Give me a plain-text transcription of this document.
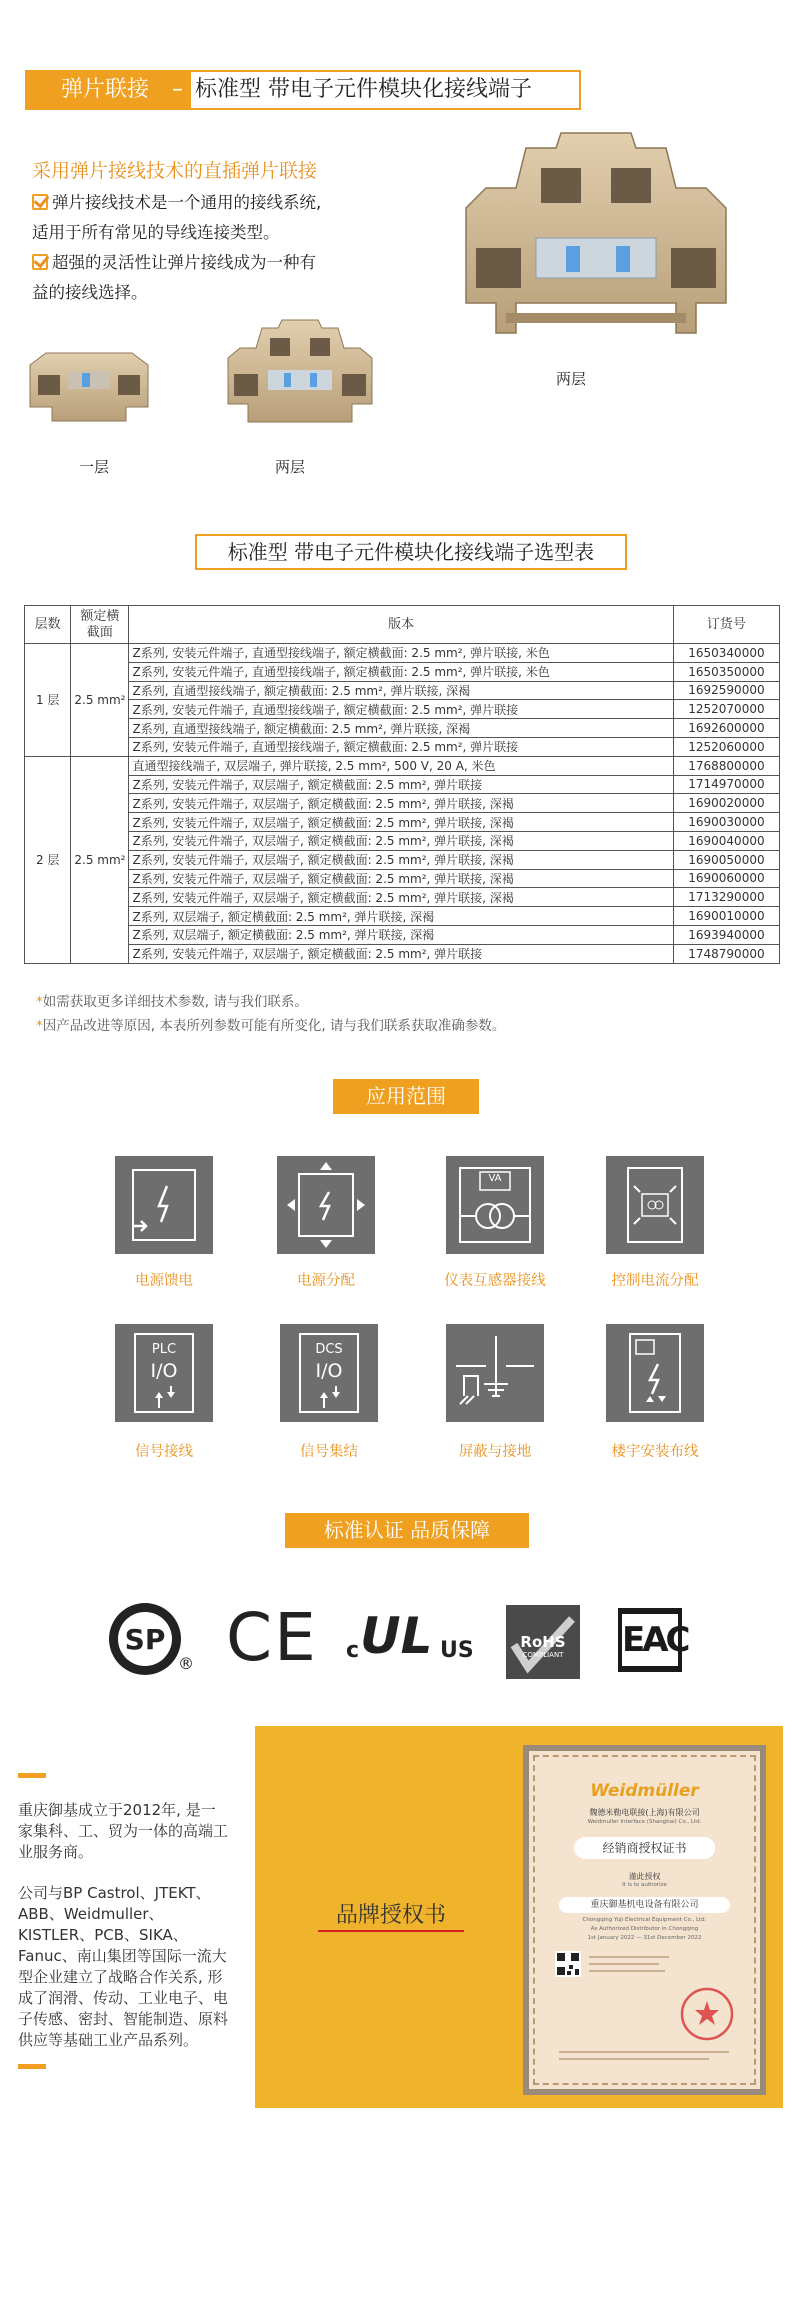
弹片联接	– 标准型 带电子元件模块化接线端子
采用弹片接线技术的直插弹片联接
弹片接线技术是一个通用的接线系统,
适用于所有常见的导线连接类型。
超强的灵活性让弹片接线成为一种有
益的接线选择。
两层
一层	两层
标准型 带电子元件模块化接线端子选型表
层数	额定横截面	版本	订货号
1 层	2.5 mm²	Z系列, 安装元件端子, 直通型接线端子, 额定横截面: 2.5 mm², 弹片联接, 米色	1650340000
		Z系列, 安装元件端子, 直通型接线端子, 额定横截面: 2.5 mm², 弹片联接, 米色	1650350000
		Z系列, 直通型接线端子, 额定横截面: 2.5 mm², 弹片联接, 深褐	1692590000
		Z系列, 安装元件端子, 直通型接线端子, 额定横截面: 2.5 mm², 弹片联接	1252070000
		Z系列, 直通型接线端子, 额定横截面: 2.5 mm², 弹片联接, 深褐	1692600000
		Z系列, 安装元件端子, 直通型接线端子, 额定横截面: 2.5 mm², 弹片联接	1252060000
2 层	2.5 mm²	直通型接线端子, 双层端子, 弹片联接, 2.5 mm², 500 V, 20 A, 米色	1768800000
		Z系列, 安装元件端子, 双层端子, 额定横截面: 2.5 mm², 弹片联接	1714970000
		Z系列, 安装元件端子, 双层端子, 额定横截面: 2.5 mm², 弹片联接, 深褐	1690020000
		Z系列, 安装元件端子, 双层端子, 额定横截面: 2.5 mm², 弹片联接, 深褐	1690030000
		Z系列, 安装元件端子, 双层端子, 额定横截面: 2.5 mm², 弹片联接, 深褐	1690040000
		Z系列, 安装元件端子, 双层端子, 额定横截面: 2.5 mm², 弹片联接, 深褐	1690050000
		Z系列, 安装元件端子, 双层端子, 额定横截面: 2.5 mm², 弹片联接, 深褐	1690060000
		Z系列, 安装元件端子, 双层端子, 额定横截面: 2.5 mm², 弹片联接, 深褐	1713290000
		Z系列, 双层端子, 额定横截面: 2.5 mm², 弹片联接, 深褐	1690010000
		Z系列, 双层端子, 额定横截面: 2.5 mm², 弹片联接, 深褐	1693940000
		Z系列, 安装元件端子, 双层端子, 额定横截面: 2.5 mm², 弹片联接	1748790000
*如需获取更多详细技术参数, 请与我们联系。
*因产品改进等原因, 本表所列参数可能有所变化, 请与我们联系获取准确参数。
应用范围
VA
电源馈电	电源分配	仪表互感器接线	控制电流分配
PLC
I/O
DCS
I/O
信号接线	信号集结	屏蔽与接地	楼宇安装布线
标准认证 品质保障
SP
® CE c UL US	RoHS
COMPLIANT	EAC
重庆御基成立于2012年, 是一家集科、工、贸为一体的高端工业服务商。
公司与BP Castrol、JTEKT、ABB、Weidmuller、KISTLER、PCB、SIKA、Fanuc、南山集团等国际一流大型企业建立了战略合作关系, 形成了润滑、传动、工业电子、电子传感、密封、智能制造、原料供应等基础工业产品系列。
品牌授权书
Weidmüller
魏德米勒电联接(上海)有限公司
Weidmuller Interface (Shanghai) Co., Ltd.
经销商授权证书
谨此授权
It is to authorize
重庆御基机电设备有限公司
Chongqing Yuji Electrical Equipment Co., Ltd.
As Authorized Distributor in Chongqing
1st January 2022 — 31st December 2022
